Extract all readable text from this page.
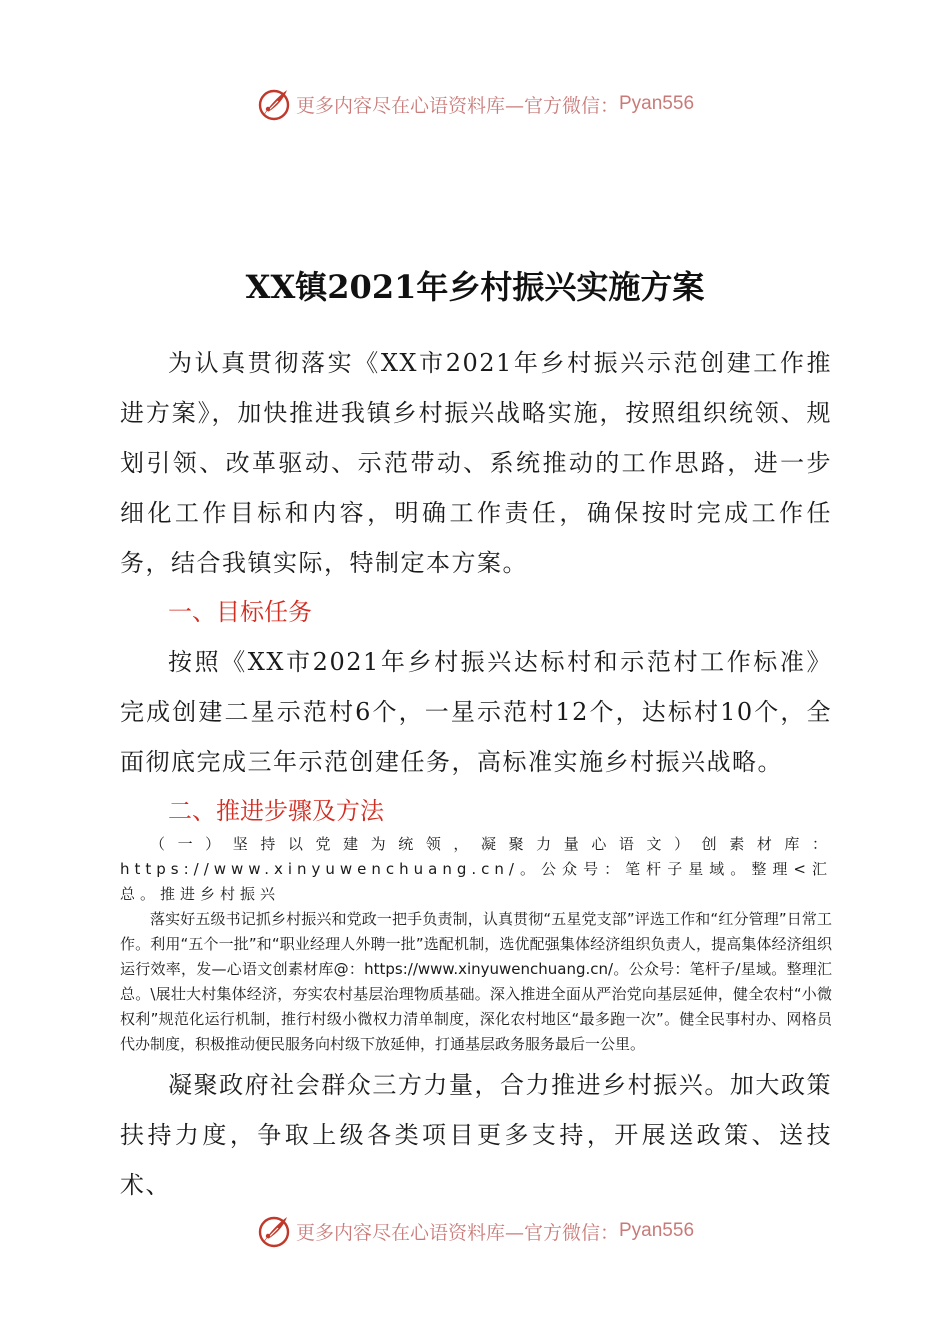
更多内容尽在心语资料库—官方微信： Pyan556
XX镇2021年乡村振兴实施方案

为认真贯彻落实《XX市2021年乡村振兴示范创建工作推进方案》，加快推进我镇乡村振兴战略实施，按照组织统领、规划引领、改革驱动、示范带动、系统推动的工作思路，进一步细化工作目标和内容，明确工作责任，确保按时完成工作任务，结合我镇实际，特制定本方案。

一、目标任务

按照《XX市2021年乡村振兴达标村和示范村工作标准》完成创建二星示范村6个，一星示范村12个，达标村10个，全面彻底完成三年示范创建任务，高标准实施乡村振兴战略。

二、推进步骤及方法

（一）坚持以党建为统领，凝聚力量心语文）创素材库：https://www.xinyuwenchuang.cn/。公众号：笔杆子星域。整理<汇总。推进乡村振兴

落实好五级书记抓乡村振兴和党政一把手负责制，认真贯彻“五星党支部”评选工作和“红分管理”日常工作。利用“五个一批”和“职业经理人外聘一批”选配机制，选优配强集体经济组织负责人，提高集体经济组织运行效率，发—心语文创素材库@：https://www.xinyuwenchuang.cn/。公众号：笔杆子/星域。整理汇总。\展壮大村集体经济，夯实农村基层治理物质基础。深入推进全面从严治党向基层延伸，健全农村“小微权利”规范化运行机制，推行村级小微权力清单制度，深化农村地区“最多跑一次”。健全民事村办、网格员代办制度，积极推动便民服务向村级下放延伸，打通基层政务服务最后一公里。

凝聚政府社会群众三方力量，合力推进乡村振兴。加大政策扶持力度，争取上级各类项目更多支持，开展送政策、送技术、

更多内容尽在心语资料库—官方微信： Pyan556
